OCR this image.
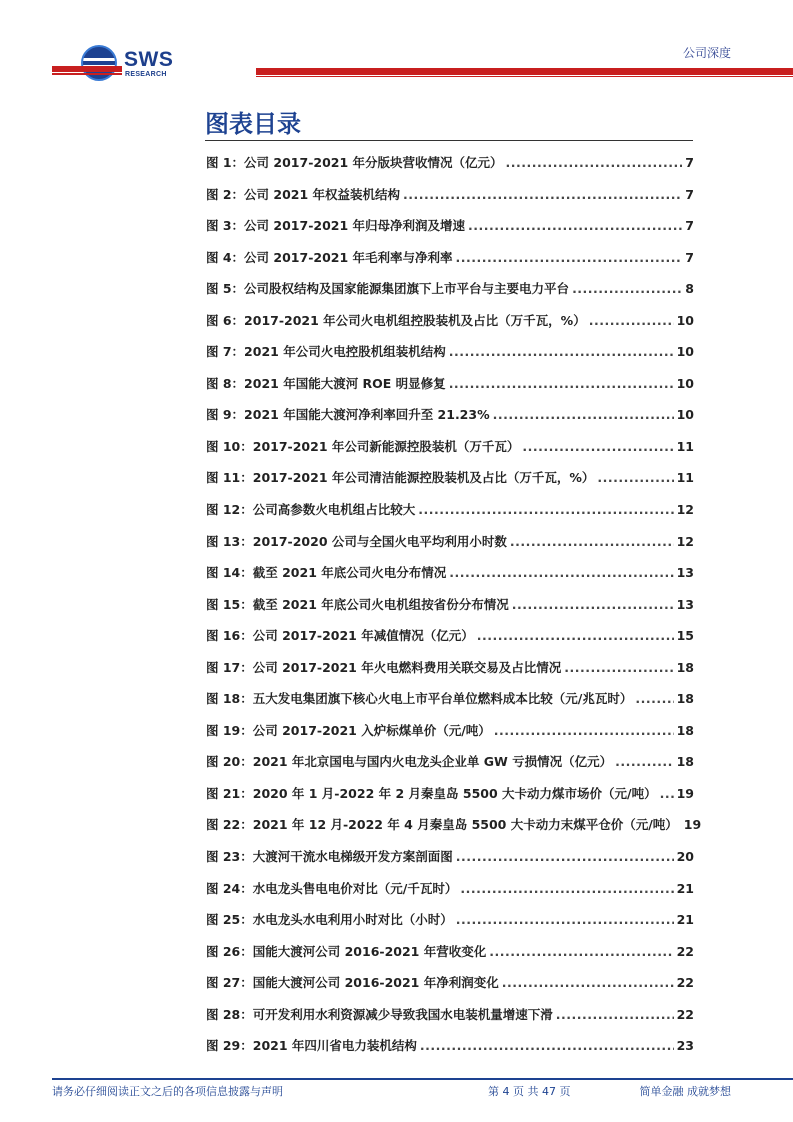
SWS
RESEARCH
公司深度
图表目录
图 1：公司 2017-2021 年分版块营收情况（亿元） .....	7
图 2：公司 2021 年权益装机结构 .....	7
图 3：公司 2017-2021 年归母净利润及增速 .....	7
图 4：公司 2017-2021 年毛利率与净利率 .....	7
图 5：公司股权结构及国家能源集团旗下上市平台与主要电力平台 .....	8
图 6：2017-2021 年公司火电机组控股装机及占比（万千瓦，%） .....	10
图 7：2021 年公司火电控股机组装机结构 .....	10
图 8：2021 年国能大渡河 ROE 明显修复 .....	10
图 9：2021 年国能大渡河净利率回升至 21.23% .....	10
图 10：2017-2021 年公司新能源控股装机（万千瓦） .....	11
图 11：2017-2021 年公司清洁能源控股装机及占比（万千瓦，%） .....	11
图 12：公司高参数火电机组占比较大 .....	12
图 13：2017-2020 公司与全国火电平均利用小时数 .....	12
图 14：截至 2021 年底公司火电分布情况 .....	13
图 15：截至 2021 年底公司火电机组按省份分布情况 .....	13
图 16：公司 2017-2021 年减值情况（亿元） .....	15
图 17：公司 2017-2021 年火电燃料费用关联交易及占比情况 .....	18
图 18：五大发电集团旗下核心火电上市平台单位燃料成本比较（元/兆瓦时） .....	18
图 19：公司 2017-2021 入炉标煤单价（元/吨） .....	18
图 20：2021 年北京国电与国内火电龙头企业单 GW 亏损情况（亿元） .....	18
图 21：2020 年 1 月-2022 年 2 月秦皇岛 5500 大卡动力煤市场价（元/吨） ..... 19
图 22：2021 年 12 月-2022 年 4 月秦皇岛 5500 大卡动力末煤平仓价（元/吨） 19
图 23：大渡河干流水电梯级开发方案剖面图 .....	20
图 24：水电龙头售电电价对比（元/千瓦时） .....	21
图 25：水电龙头水电利用小时对比（小时） .....	21
图 26：国能大渡河公司 2016-2021 年营收变化 .....	22
图 27：国能大渡河公司 2016-2021 年净利润变化 .....	22
图 28：可开发利用水利资源减少导致我国水电装机量增速下滑 .....	22
图 29：2021 年四川省电力装机结构 .....	23
请务必仔细阅读正文之后的各项信息披露与声明	第 4 页 共 47 页	简单金融 成就梦想
